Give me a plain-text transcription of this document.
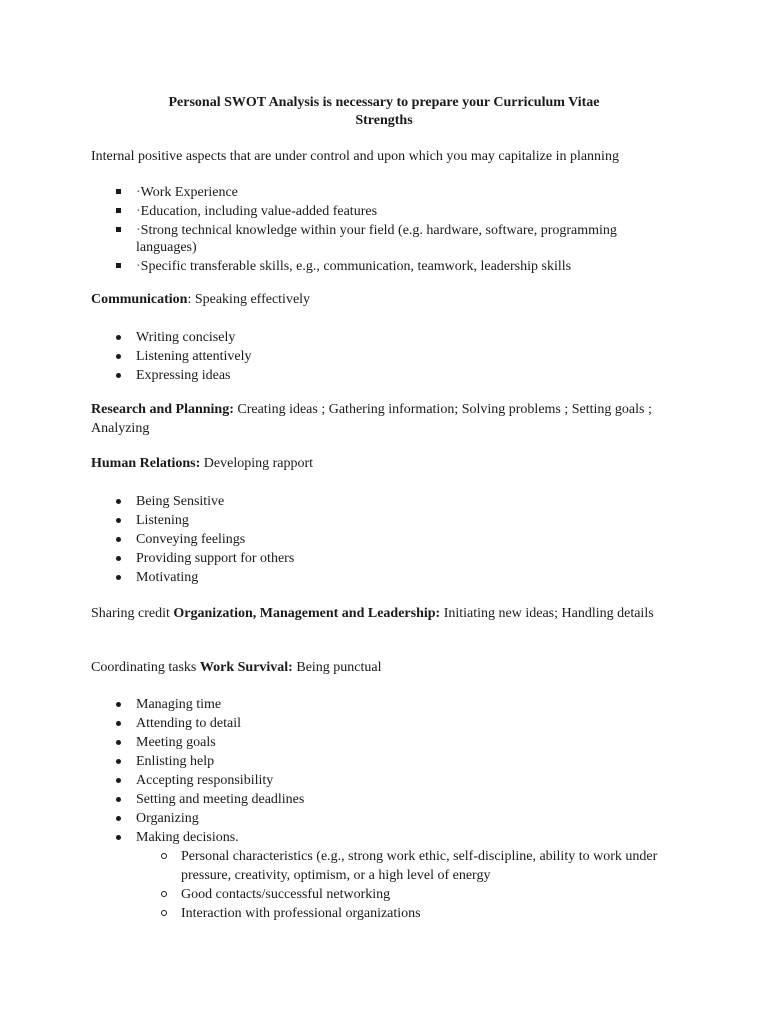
Personal SWOT Analysis is necessary to prepare your Curriculum Vitae
Strengths

Internal positive aspects that are under control and upon which you may capitalize in planning

·Work Experience
·Education, including value-added features
·Strong technical knowledge within your field (e.g. hardware, software, programming languages)
·Specific transferable skills, e.g., communication, teamwork, leadership skills

Communication: Speaking effectively

Writing concisely
Listening attentively
Expressing ideas

Research and Planning: Creating ideas ; Gathering information; Solving problems ; Setting goals ; Analyzing

Human Relations: Developing rapport

Being Sensitive
Listening
Conveying feelings
Providing support for others
Motivating

Sharing credit Organization, Management and Leadership: Initiating new ideas; Handling details

Coordinating tasks Work Survival: Being punctual

Managing time
Attending to detail
Meeting goals
Enlisting help
Accepting responsibility
Setting and meeting deadlines
Organizing
Making decisions.
Personal characteristics (e.g., strong work ethic, self-discipline, ability to work under pressure, creativity, optimism, or a high level of energy
Good contacts/successful networking
Interaction with professional organizations
